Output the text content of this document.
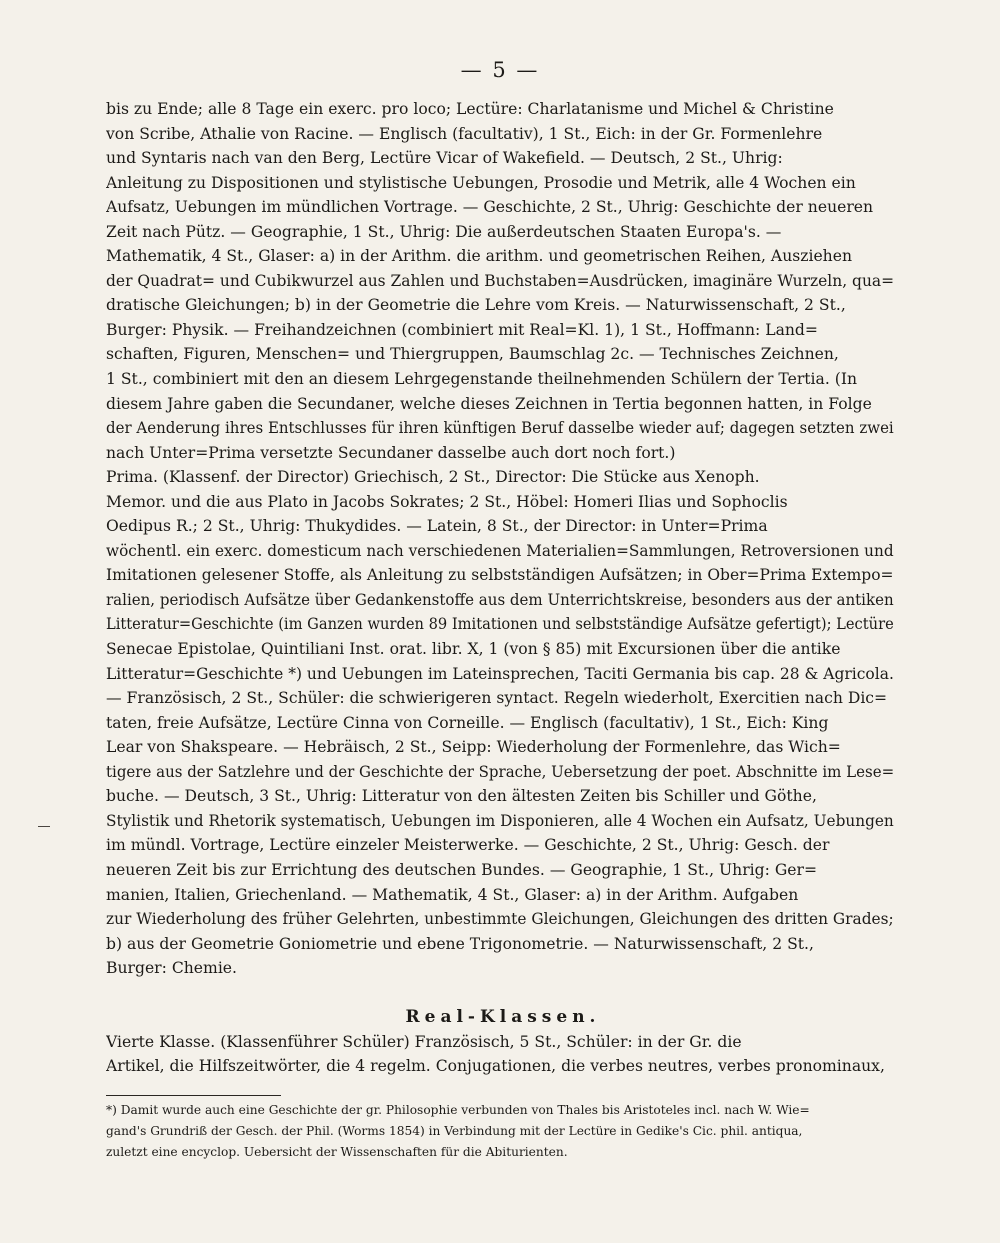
— 5 —
bis zu Ende; alle 8 Tage ein exerc. pro loco; Lectüre: Charlatanisme und Michel & Christine
von Scribe, Athalie von Racine. — Englisch (facultativ), 1 St., Eich: in der Gr. Formenlehre
und Syntaris nach van den Berg, Lectüre Vicar of Wakefield. — Deutsch, 2 St., Uhrig:
Anleitung zu Dispositionen und stylistische Uebungen, Prosodie und Metrik, alle 4 Wochen ein
Aufsatz, Uebungen im mündlichen Vortrage. — Geschichte, 2 St., Uhrig: Geschichte der neueren
Zeit nach Pütz. — Geographie, 1 St., Uhrig: Die außerdeutschen Staaten Europa's. —
Mathematik, 4 St., Glaser: a) in der Arithm. die arithm. und geometrischen Reihen, Ausziehen
der Quadrat= und Cubikwurzel aus Zahlen und Buchstaben=Ausdrücken, imaginäre Wurzeln, qua=
dratische Gleichungen; b) in der Geometrie die Lehre vom Kreis. — Naturwissenschaft, 2 St.,
Burger: Physik. — Freihandzeichnen (combiniert mit Real=Kl. 1), 1 St., Hoffmann: Land=
schaften, Figuren, Menschen= und Thiergruppen, Baumschlag 2c. — Technisches Zeichnen,
1 St., combiniert mit den an diesem Lehrgegenstande theilnehmenden Schülern der Tertia. (In
diesem Jahre gaben die Secundaner, welche dieses Zeichnen in Tertia begonnen hatten, in Folge
der Aenderung ihres Entschlusses für ihren künftigen Beruf dasselbe wieder auf; dagegen setzten zwei
nach Unter=Prima versetzte Secundaner dasselbe auch dort noch fort.)
Prima. (Klassenf. der Director) Griechisch, 2 St., Director: Die Stücke aus Xenoph.
Memor. und die aus Plato in Jacobs Sokrates; 2 St., Höbel: Homeri Ilias und Sophoclis
Oedipus R.; 2 St., Uhrig: Thukydides. — Latein, 8 St., der Director: in Unter=Prima
wöchentl. ein exerc. domesticum nach verschiedenen Materialien=Sammlungen, Retroversionen und
Imitationen gelesener Stoffe, als Anleitung zu selbstständigen Aufsätzen; in Ober=Prima Extempo=
ralien, periodisch Aufsätze über Gedankenstoffe aus dem Unterrichtskreise, besonders aus der antiken
Litteratur=Geschichte (im Ganzen wurden 89 Imitationen und selbstständige Aufsätze gefertigt); Lectüre
Senecae Epistolae, Quintiliani Inst. orat. libr. X, 1 (von § 85) mit Excursionen über die antike
Litteratur=Geschichte *) und Uebungen im Lateinsprechen, Taciti Germania bis cap. 28 & Agricola.
— Französisch, 2 St., Schüler: die schwierigeren syntact. Regeln wiederholt, Exercitien nach Dic=
taten, freie Aufsätze, Lectüre Cinna von Corneille. — Englisch (facultativ), 1 St., Eich: King
Lear von Shakspeare. — Hebräisch, 2 St., Seipp: Wiederholung der Formenlehre, das Wich=
tigere aus der Satzlehre und der Geschichte der Sprache, Uebersetzung der poet. Abschnitte im Lese=
buche. — Deutsch, 3 St., Uhrig: Litteratur von den ältesten Zeiten bis Schiller und Göthe,
Stylistik und Rhetorik systematisch, Uebungen im Disponieren, alle 4 Wochen ein Aufsatz, Uebungen
im mündl. Vortrage, Lectüre einzeler Meisterwerke. — Geschichte, 2 St., Uhrig: Gesch. der
neueren Zeit bis zur Errichtung des deutschen Bundes. — Geographie, 1 St., Uhrig: Ger=
manien, Italien, Griechenland. — Mathematik, 4 St., Glaser: a) in der Arithm. Aufgaben
zur Wiederholung des früher Gelehrten, unbestimmte Gleichungen, Gleichungen des dritten Grades;
b) aus der Geometrie Goniometrie und ebene Trigonometrie. — Naturwissenschaft, 2 St.,
Burger: Chemie.
Real-Klassen.
Vierte Klasse. (Klassenführer Schüler) Französisch, 5 St., Schüler: in der Gr. die
Artikel, die Hilfszeitwörter, die 4 regelm. Conjugationen, die verbes neutres, verbes pronominaux,
*) Damit wurde auch eine Geschichte der gr. Philosophie verbunden von Thales bis Aristoteles incl. nach W. Wie=
gand's Grundriß der Gesch. der Phil. (Worms 1854) in Verbindung mit der Lectüre in Gedike's Cic. phil. antiqua,
zuletzt eine encyclop. Uebersicht der Wissenschaften für die Abiturienten.
